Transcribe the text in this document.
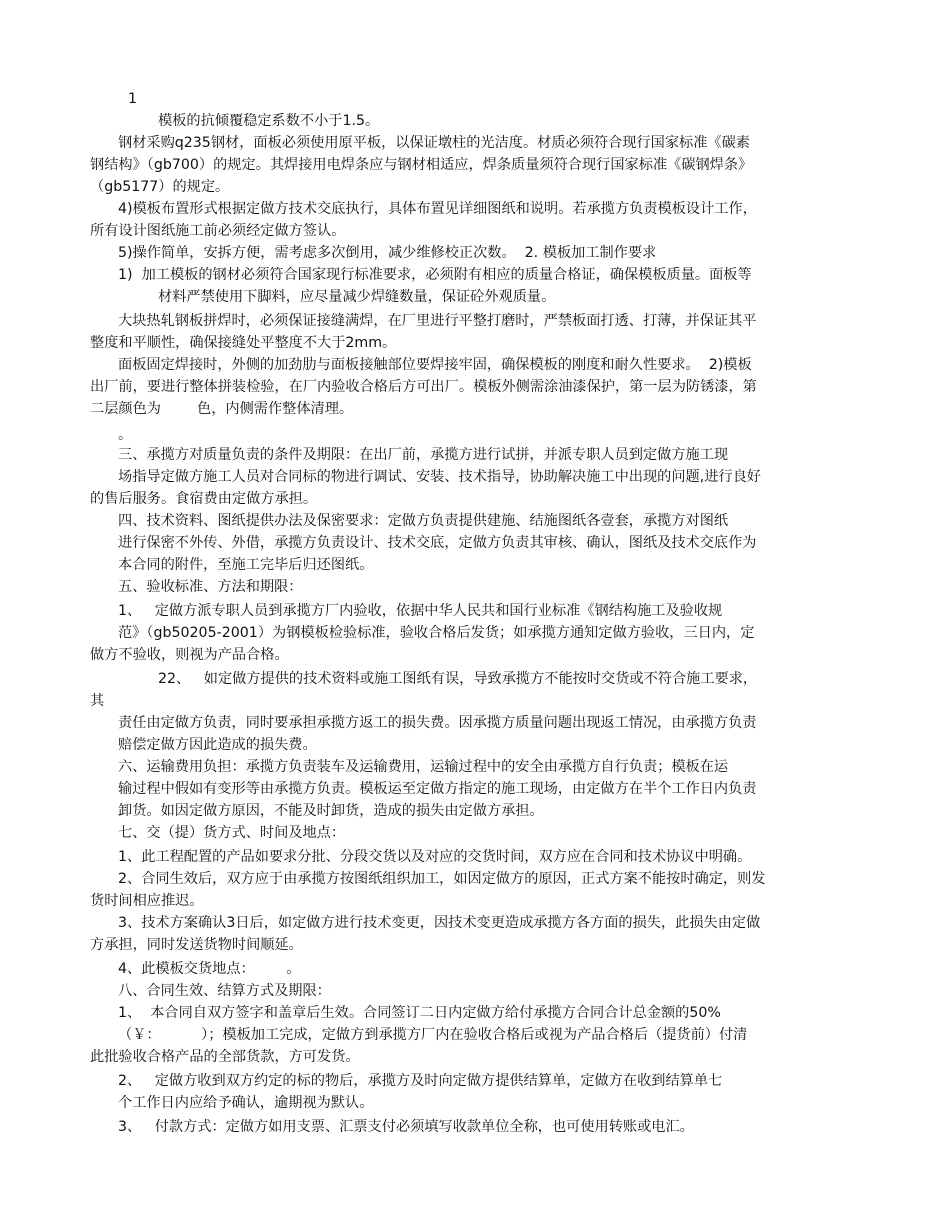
1
模板的抗倾覆稳定系数不小于1.5。
钢材采购q235钢材，面板必须使用原平板，以保证墩柱的光洁度。材质必须符合现行国家标准《碳素
钢结构》（gb700）的规定。其焊接用电焊条应与钢材相适应，焊条质量须符合现行国家标准《碳钢焊条》
（gb5177）的规定。
4)模板布置形式根据定做方技术交底执行，具体布置见详细图纸和说明。若承揽方负责模板设计工作，
所有设计图纸施工前必须经定做方签认。
5)操作简单，安拆方便，需考虑多次倒用，减少维修校正次数。  2. 模板加工制作要求
1)  加工模板的钢材必须符合国家现行标准要求，必须附有相应的质量合格证，确保模板质量。面板等
材料严禁使用下脚料，应尽量减少焊缝数量，保证砼外观质量。
大块热轧钢板拼焊时，必须保证接缝满焊，在厂里进行平整打磨时，严禁板面打透、打薄，并保证其平
整度和平顺性，确保接缝处平整度不大于2mm。
面板固定焊接时，外侧的加劲肋与面板接触部位要焊接牢固，确保模板的刚度和耐久性要求。  2)模板
出厂前，要进行整体拼装检验，在厂内验收合格后方可出厂。模板外侧需涂油漆保护，第一层为防锈漆，第
二层颜色为        色，内侧需作整体清理。
。
三、承揽方对质量负责的条件及期限：在出厂前，承揽方进行试拼，并派专职人员到定做方施工现
场指导定做方施工人员对合同标的物进行调试、安装、技术指导，协助解决施工中出现的问题,进行良好
的售后服务。食宿费由定做方承担。
四、技术资料、图纸提供办法及保密要求：定做方负责提供建施、结施图纸各壹套，承揽方对图纸
进行保密不外传、外借，承揽方负责设计、技术交底，定做方负责其审核、确认，图纸及技术交底作为
本合同的附件，至施工完毕后归还图纸。
五、验收标准、方法和期限：
1、   定做方派专职人员到承揽方厂内验收，依据中华人民共和国行业标准《钢结构施工及验收规
范》（gb50205-2001）为钢模板检验标准，验收合格后发货；如承揽方通知定做方验收，三日内，定
做方不验收，则视为产品合格。
22、   如定做方提供的技术资料或施工图纸有误，导致承揽方不能按时交货或不符合施工要求，
其
责任由定做方负责，同时要承担承揽方返工的损失费。因承揽方质量问题出现返工情况，由承揽方负责
赔偿定做方因此造成的损失费。
六、运输费用负担：承揽方负责装车及运输费用，运输过程中的安全由承揽方自行负责；模板在运
输过程中假如有变形等由承揽方负责。模板运至定做方指定的施工现场，由定做方在半个工作日内负责
卸货。如因定做方原因，不能及时卸货，造成的损失由定做方承担。
七、交（提）货方式、时间及地点：
1、此工程配置的产品如要求分批、分段交货以及对应的交货时间，双方应在合同和技术协议中明确。
2、合同生效后，双方应于由承揽方按图纸组织加工，如因定做方的原因，正式方案不能按时确定，则发
货时间相应推迟。
3、技术方案确认3日后，如定做方进行技术变更，因技术变更造成承揽方各方面的损失，此损失由定做
方承担，同时发送货物时间顺延。
4、此模板交货地点：       。
八、合同生效、结算方式及期限：
1、  本合同自双方签字和盖章后生效。合同签订二日内定做方给付承揽方合同合计总金额的50%
（￥：         ）；模板加工完成，定做方到承揽方厂内在验收合格后或视为产品合格后（提货前）付清
此批验收合格产品的全部货款，方可发货。
2、   定做方收到双方约定的标的物后，承揽方及时向定做方提供结算单，定做方在收到结算单七
个工作日内应给予确认，逾期视为默认。
3、   付款方式：定做方如用支票、汇票支付必须填写收款单位全称，也可使用转账或电汇。
